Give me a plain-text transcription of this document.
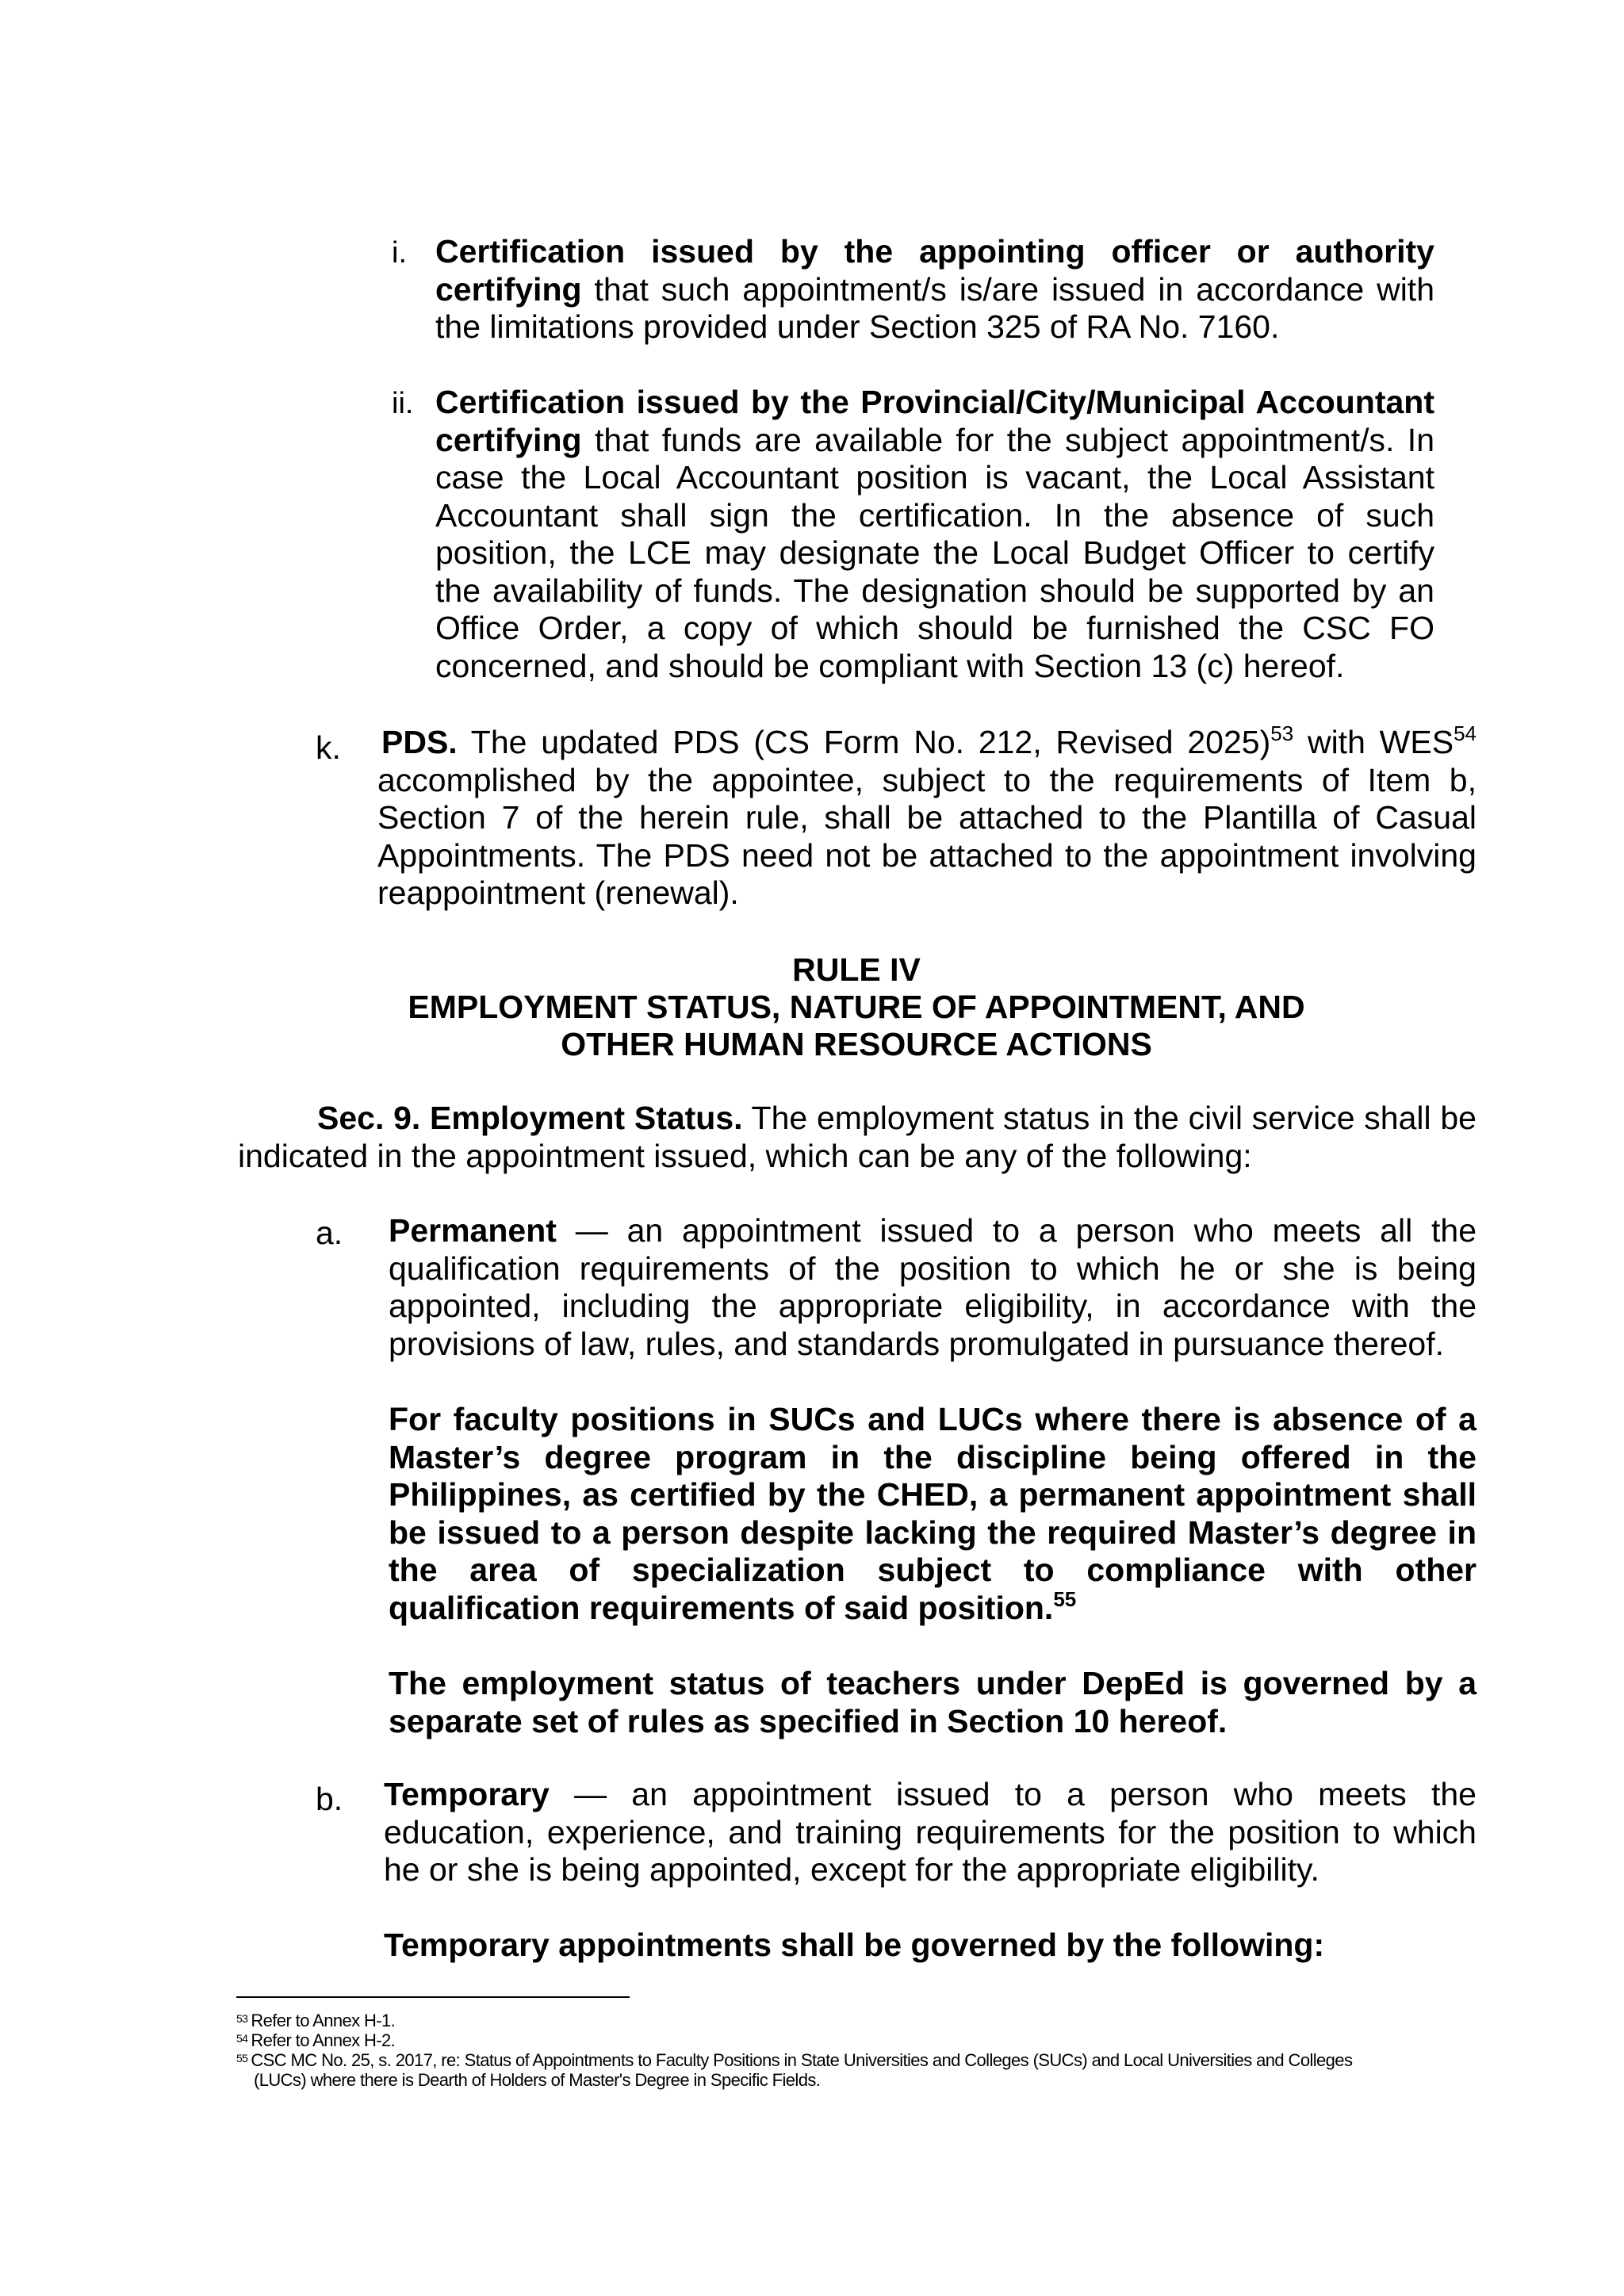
i. Certification issued by the appointing officer or authority certifying that such appointment/s is/are issued in accordance with the limitations provided under Section 325 of RA No. 7160.

ii. Certification issued by the Provincial/City/Municipal Accountant certifying that funds are available for the subject appointment/s. In case the Local Accountant position is vacant, the Local Assistant Accountant shall sign the certification. In the absence of such position, the LCE may designate the Local Budget Officer to certify the availability of funds. The designation should be supported by an Office Order, a copy of which should be furnished the CSC FO concerned, and should be compliant with Section 13 (c) hereof.

k. PDS. The updated PDS (CS Form No. 212, Revised 2025)$^{53}$ with WES$^{54}$ accomplished by the appointee, subject to the requirements of Item b, Section 7 of the herein rule, shall be attached to the Plantilla of Casual Appointments. The PDS need not be attached to the appointment involving reappointment (renewal).

RULE IV
EMPLOYMENT STATUS, NATURE OF APPOINTMENT, AND
OTHER HUMAN RESOURCE ACTIONS

Sec. 9. Employment Status. The employment status in the civil service shall be indicated in the appointment issued, which can be any of the following:

a. Permanent — an appointment issued to a person who meets all the qualification requirements of the position to which he or she is being appointed, including the appropriate eligibility, in accordance with the provisions of law, rules, and standards promulgated in pursuance thereof.

For faculty positions in SUCs and LUCs where there is absence of a Master’s degree program in the discipline being offered in the Philippines, as certified by the CHED, a permanent appointment shall be issued to a person despite lacking the required Master’s degree in the area of specialization subject to compliance with other qualification requirements of said position.$^{55}$

The employment status of teachers under DepEd is governed by a separate set of rules as specified in Section 10 hereof.

b. Temporary — an appointment issued to a person who meets the education, experience, and training requirements for the position to which he or she is being appointed, except for the appropriate eligibility.

Temporary appointments shall be governed by the following:
$^{53}$ Refer to Annex H-1.
$^{54}$ Refer to Annex H-2.
$^{55}$ CSC MC No. 25, s. 2017, re: Status of Appointments to Faculty Positions in State Universities and Colleges (SUCs) and Local Universities and Colleges
(LUCs) where there is Dearth of Holders of Master's Degree in Specific Fields.
